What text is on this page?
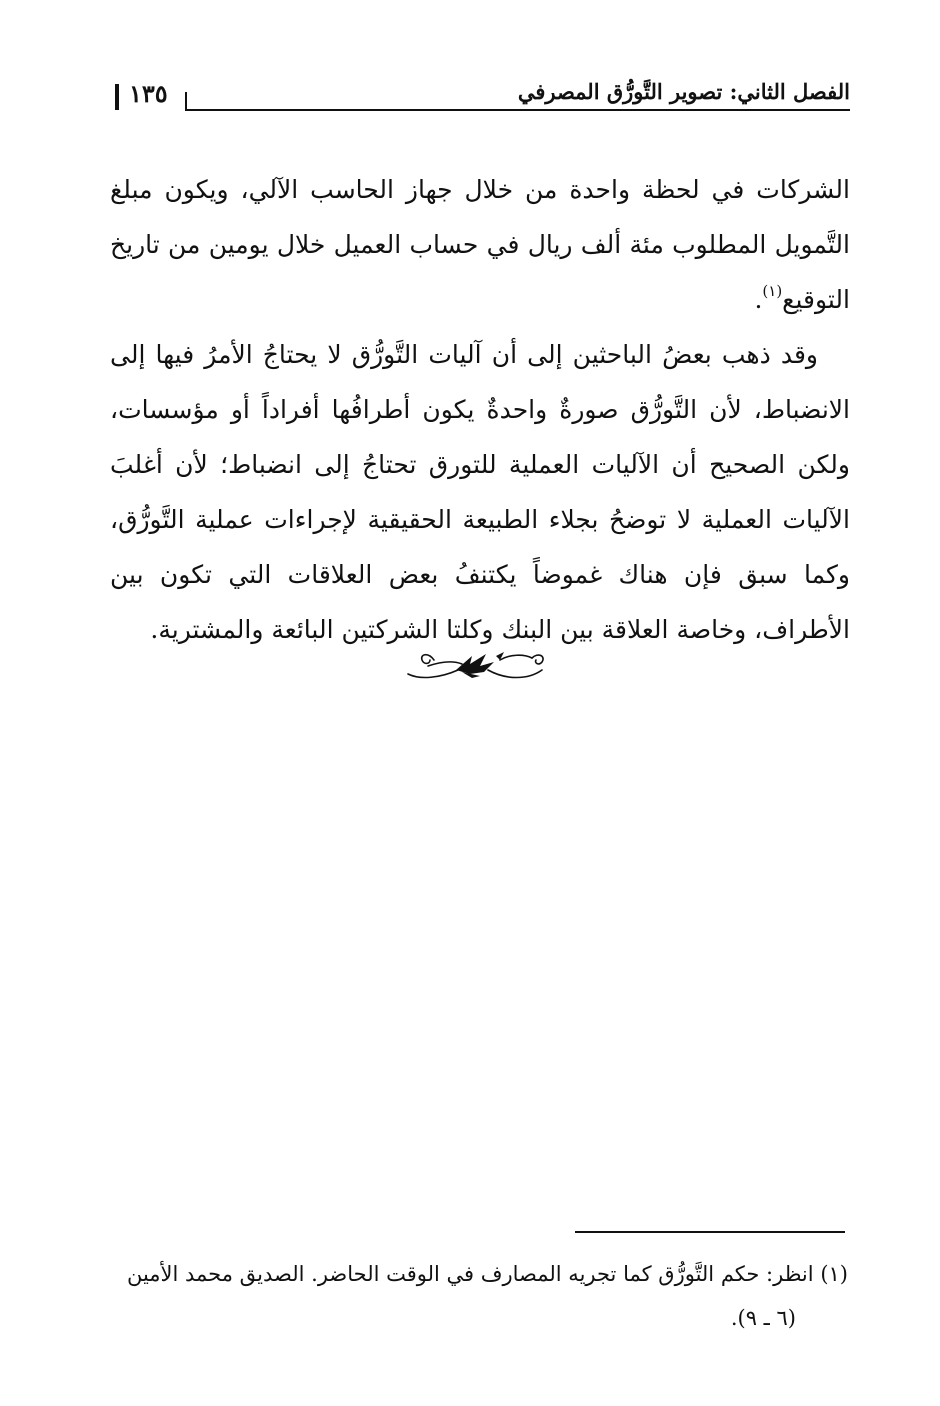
الفصل الثاني: تصوير التَّورُّق المصرفي
١٣٥

الشركات في لحظة واحدة من خلال جهاز الحاسب الآلي، ويكون مبلغ التَّمويل المطلوب مئة ألف ريال في حساب العميل خلال يومين من تاريخ التوقيع$^{(١)}$.

وقد ذهب بعضُ الباحثين إلى أن آليات التَّورُّق لا يحتاجُ الأمرُ فيها إلى الانضباط، لأن التَّورُّق صورةٌ واحدةٌ يكون أطرافُها أفراداً أو مؤسسات، ولكن الصحيح أن الآليات العملية للتورق تحتاجُ إلى انضباط؛ لأن أغلبَ الآليات العملية لا توضحُ بجلاء الطبيعة الحقيقية لإجراءات عملية التَّورُّق، وكما سبق فإن هناك غموضاً يكتنفُ بعض العلاقات التي تكون بين الأطراف، وخاصة العلاقة بين البنك وكلتا الشركتين البائعة والمشترية.

(١) انظر: حكم التَّورُّق كما تجريه المصارف في الوقت الحاضر. الصديق محمد الأمين

(٦ ـ ٩).
